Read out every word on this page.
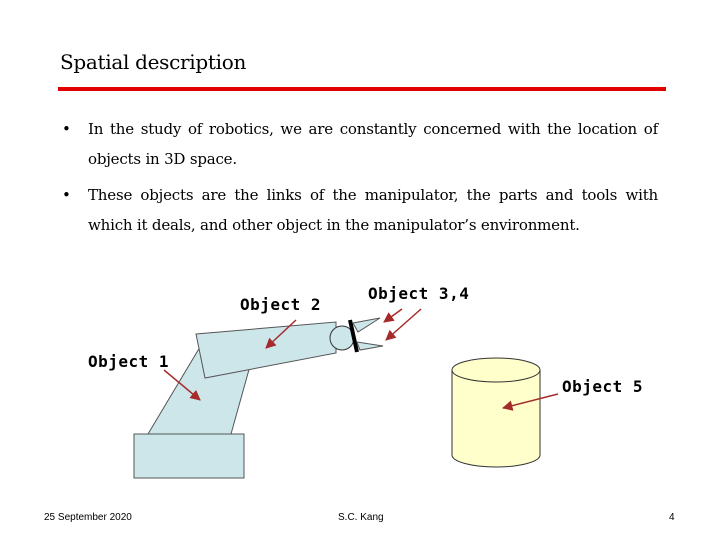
Spatial description
• In the study of robotics, we are constantly concerned with the location of objects in 3D space.
• These objects are the links of the manipulator, the parts and tools with which it deals, and other object in the manipulator’s environment.
Object 1
Object 2
Object 3,4
Object 5
25 September 2020	S.C. Kang	4
